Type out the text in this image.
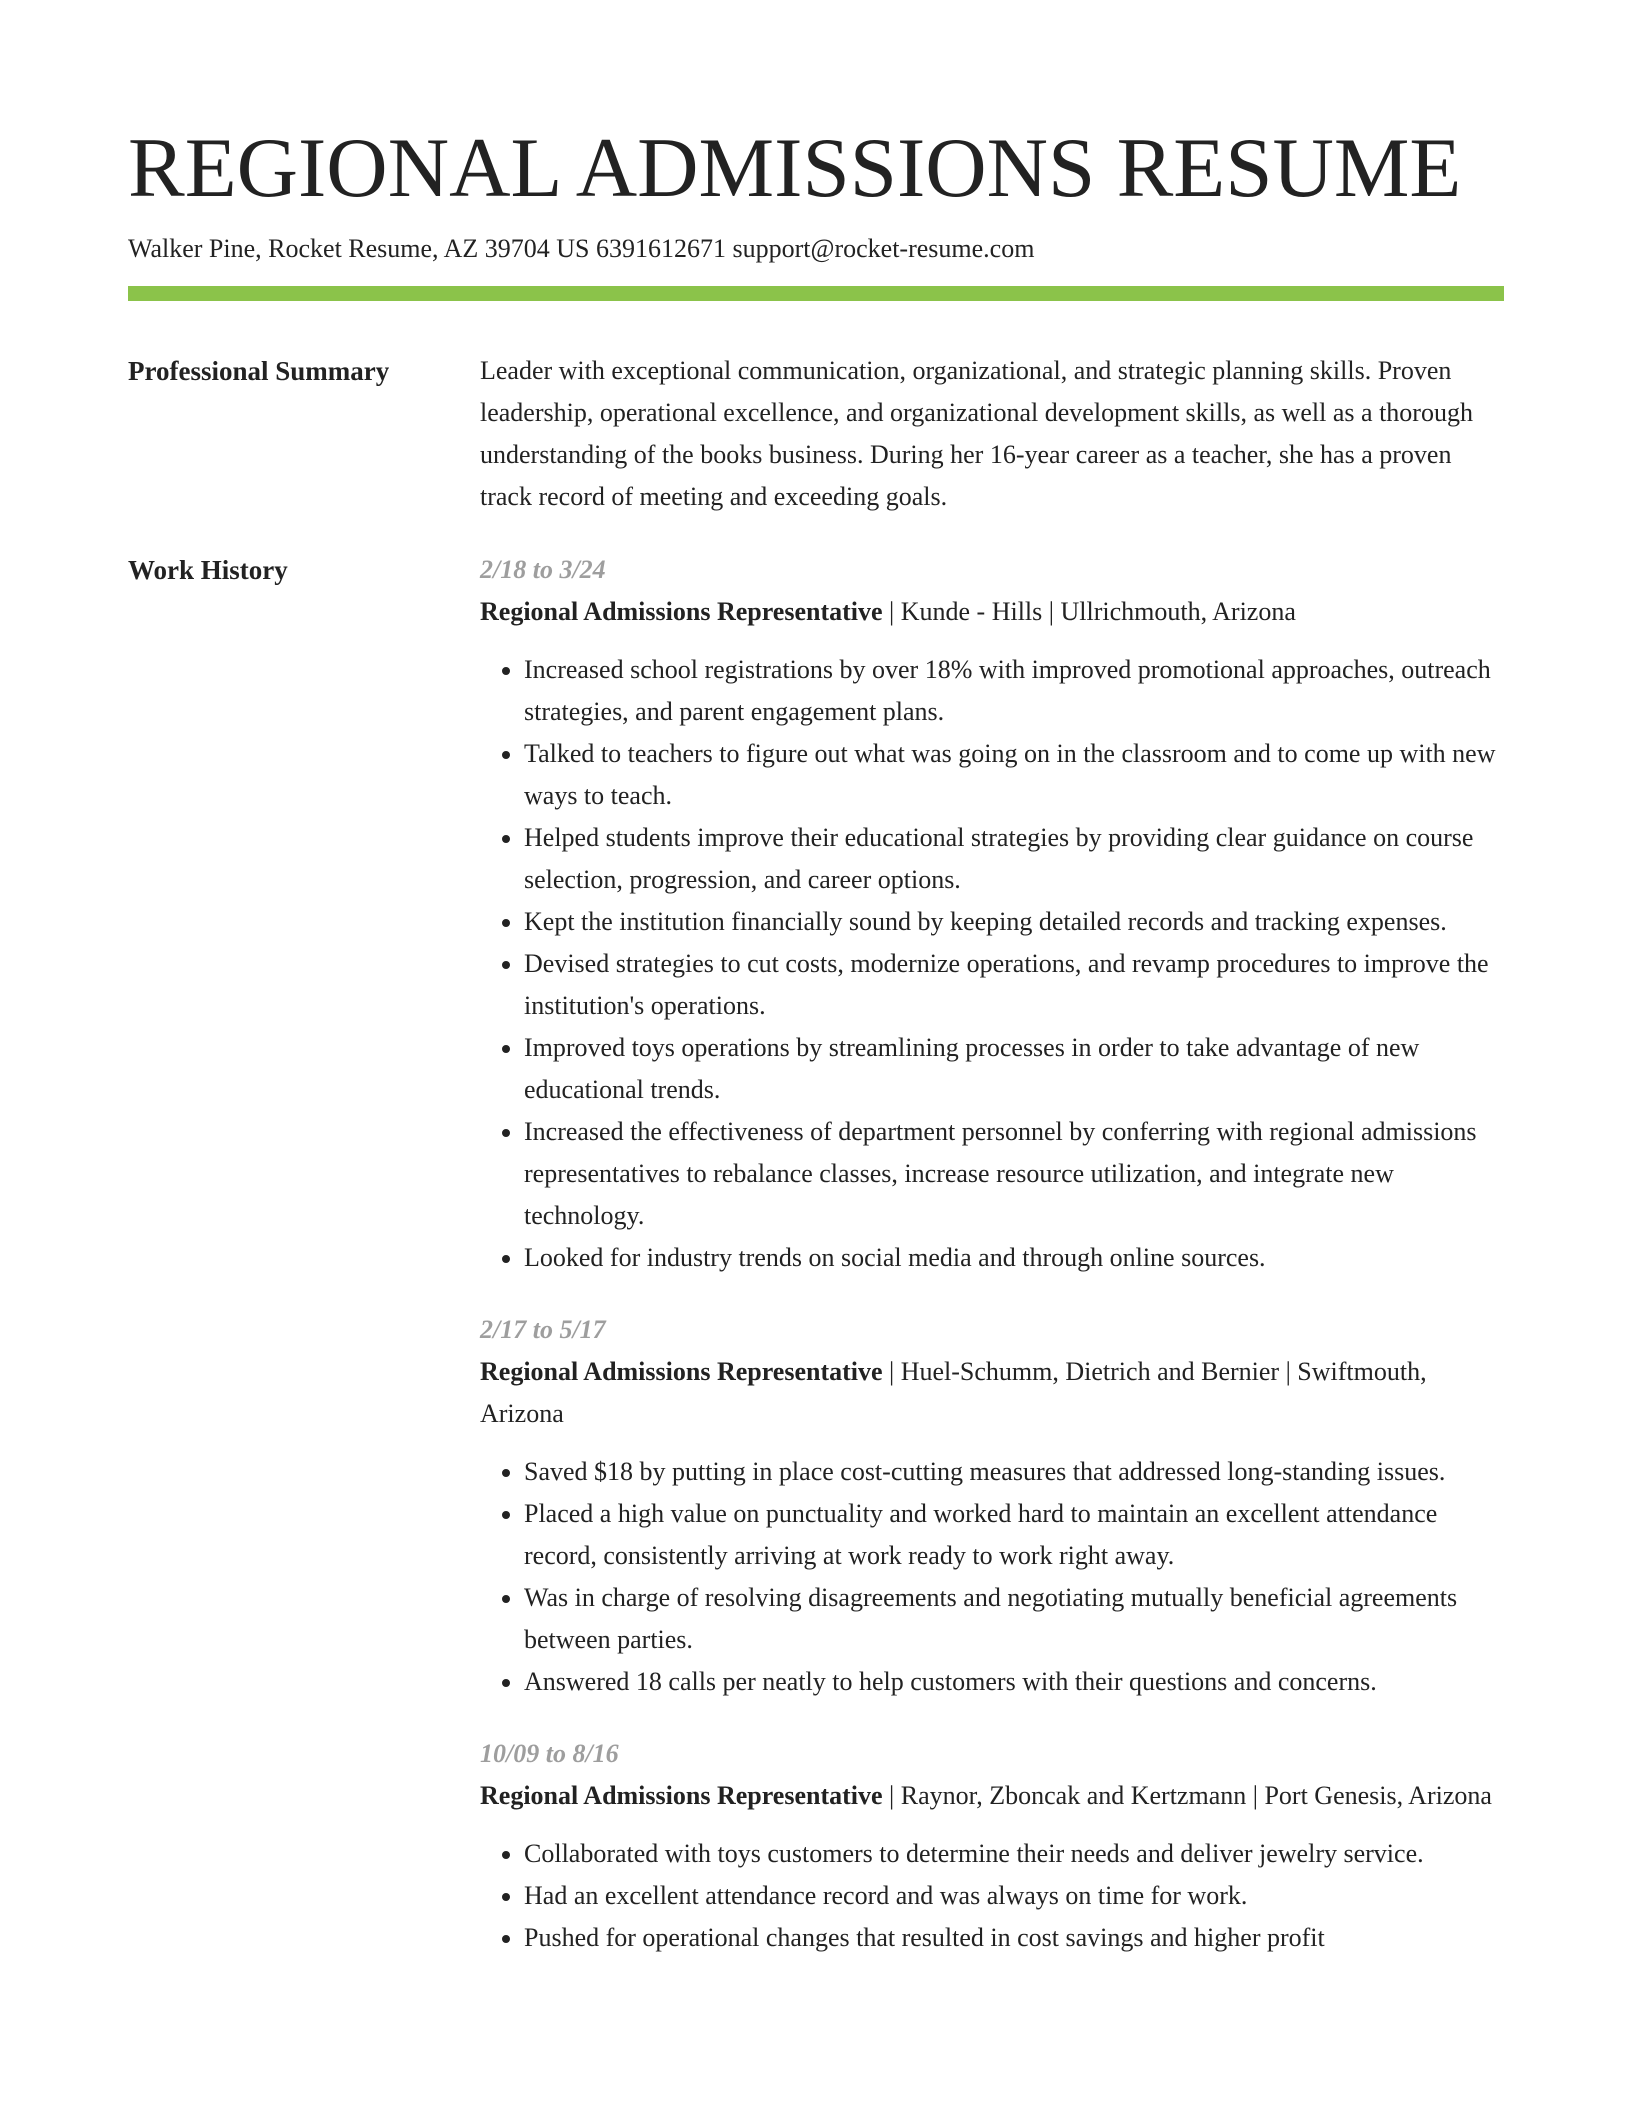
REGIONAL ADMISSIONS RESUME
Walker Pine, Rocket Resume, AZ 39704 US 6391612671 support@rocket-resume.com
Professional Summary	Leader with exceptional communication, organizational, and strategic planning skills. Proven leadership, operational excellence, and organizational development skills, as well as a thorough understanding of the books business. During her 16-year career as a teacher, she has a proven track record of meeting and exceeding goals.

Work History	2/18 to 3/24
Regional Admissions Representative | Kunde - Hills | Ullrichmouth, Arizona
• Increased school registrations by over 18% with improved promotional approaches, outreach strategies, and parent engagement plans.
• Talked to teachers to figure out what was going on in the classroom and to come up with new ways to teach.
• Helped students improve their educational strategies by providing clear guidance on course selection, progression, and career options.
• Kept the institution financially sound by keeping detailed records and tracking expenses.
• Devised strategies to cut costs, modernize operations, and revamp procedures to improve the institution's operations.
• Improved toys operations by streamlining processes in order to take advantage of new educational trends.
• Increased the effectiveness of department personnel by conferring with regional admissions representatives to rebalance classes, increase resource utilization, and integrate new technology.
• Looked for industry trends on social media and through online sources.
2/17 to 5/17
Regional Admissions Representative | Huel-Schumm, Dietrich and Bernier | Swiftmouth, Arizona
• Saved $18 by putting in place cost-cutting measures that addressed long-standing issues.
• Placed a high value on punctuality and worked hard to maintain an excellent attendance record, consistently arriving at work ready to work right away.
• Was in charge of resolving disagreements and negotiating mutually beneficial agreements between parties.
• Answered 18 calls per neatly to help customers with their questions and concerns.
10/09 to 8/16
Regional Admissions Representative | Raynor, Zboncak and Kertzmann | Port Genesis, Arizona
• Collaborated with toys customers to determine their needs and deliver jewelry service.
• Had an excellent attendance record and was always on time for work.
• Pushed for operational changes that resulted in cost savings and higher profit
